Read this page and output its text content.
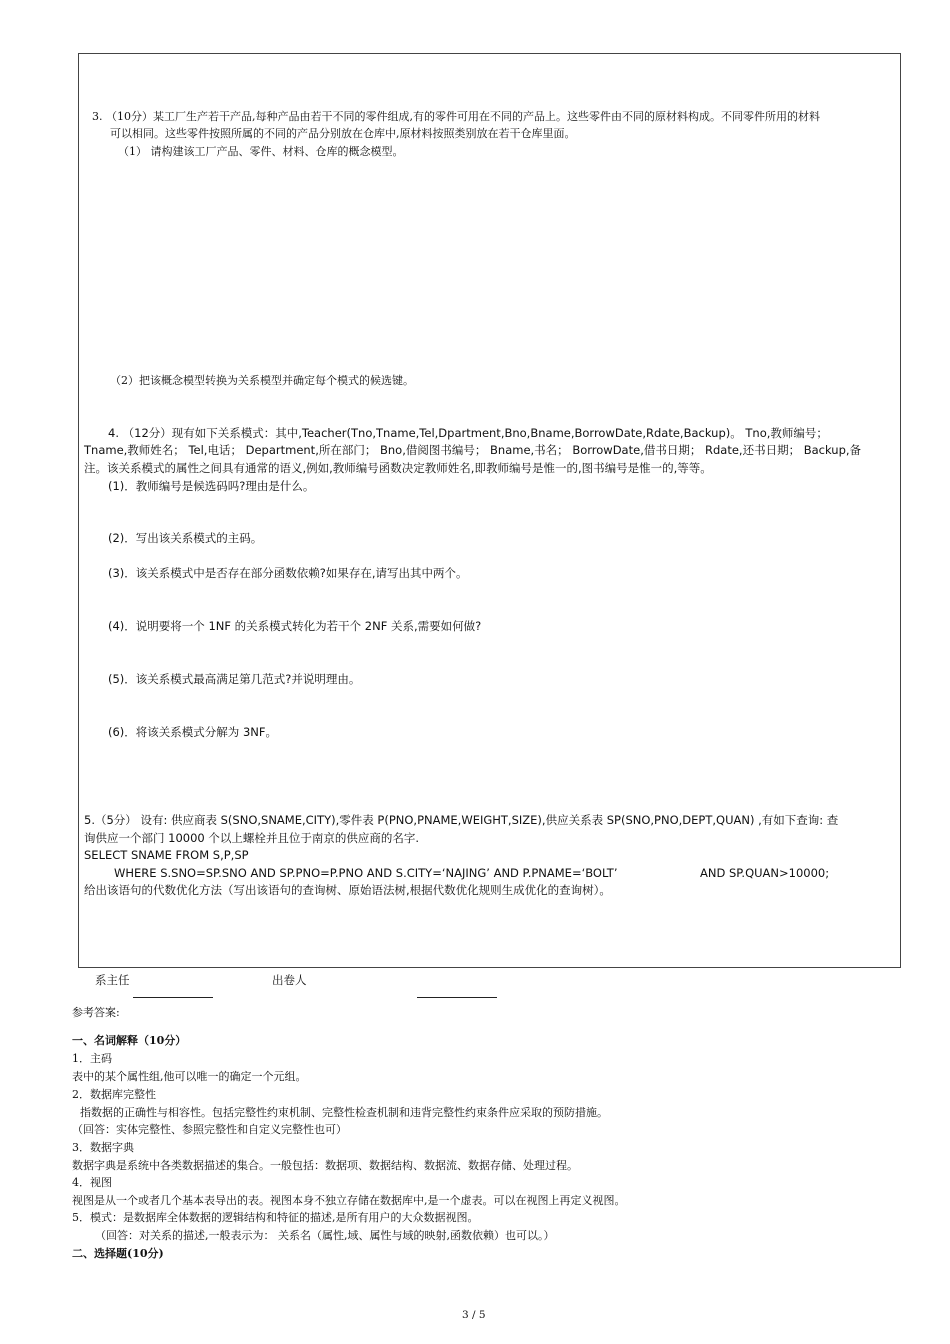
3. （10分）某工厂生产若干产品,每种产品由若干不同的零件组成,有的零件可用在不同的产品上。这些零件由不同的原材料构成。不同零件所用的材料
可以相同。这些零件按照所属的不同的产品分别放在仓库中,原材料按照类别放在若干仓库里面。
（1） 请构建该工厂产品、零件、材料、仓库的概念模型。
（2）把该概念模型转换为关系模型并确定每个模式的候选键。
4. （12分）现有如下关系模式：其中,Teacher(Tno,Tname,Tel,Dpartment,Bno,Bname,BorrowDate,Rdate,Backup)。 Tno,教师编号；
Tname,教师姓名； Tel,电话； Department,所在部门； Bno,借阅图书编号； Bname,书名； BorrowDate,借书日期； Rdate,还书日期； Backup,备
注。该关系模式的属性之间具有通常的语义,例如,教师编号函数决定教师姓名,即教师编号是惟一的,图书编号是惟一的,等等。
(1)．教师编号是候选码吗?理由是什么。
(2)．写出该关系模式的主码。
(3)．该关系模式中是否存在部分函数依赖?如果存在,请写出其中两个。
(4)．说明要将一个 1NF 的关系模式转化为若干个 2NF 关系,需要如何做?
(5)．该关系模式最高满足第几范式?并说明理由。
(6)．将该关系模式分解为 3NF。
5.（5分） 设有: 供应商表 S(SNO,SNAME,CITY),零件表 P(PNO,PNAME,WEIGHT,SIZE),供应关系表 SP(SNO,PNO,DEPT,QUAN) ,有如下查询: 查
询供应一个部门 10000 个以上螺栓并且位于南京的供应商的名字.
SELECT SNAME FROM S,P,SP
WHERE S.SNO=SP.SNO AND SP.PNO=P.PNO AND S.CITY=‘NAJING’ AND P.PNAME=‘BOLT’	AND SP.QUAN>10000;
给出该语句的代数优化方法（写出该语句的查询树、原始语法树,根据代数优化规则生成优化的查询树）。
系主任	出卷人
参考答案:
一、名词解释（10分）
1．主码
表中的某个属性组,他可以唯一的确定一个元组。
2．数据库完整性
指数据的正确性与相容性。包括完整性约束机制、完整性检查机制和违背完整性约束条件应采取的预防措施。
（回答：实体完整性、参照完整性和自定义完整性也可）
3．数据字典
数据字典是系统中各类数据描述的集合。一般包括：数据项、数据结构、数据流、数据存储、处理过程。
4．视图
视图是从一个或者几个基本表导出的表。视图本身不独立存储在数据库中,是一个虚表。可以在视图上再定义视图。
5．模式：是数据库全体数据的逻辑结构和特征的描述,是所有用户的大众数据视图。
（回答：对关系的描述,一般表示为： 关系名（属性,域、属性与域的映射,函数依赖）也可以。）
二、选择题(10分)
3 / 5
